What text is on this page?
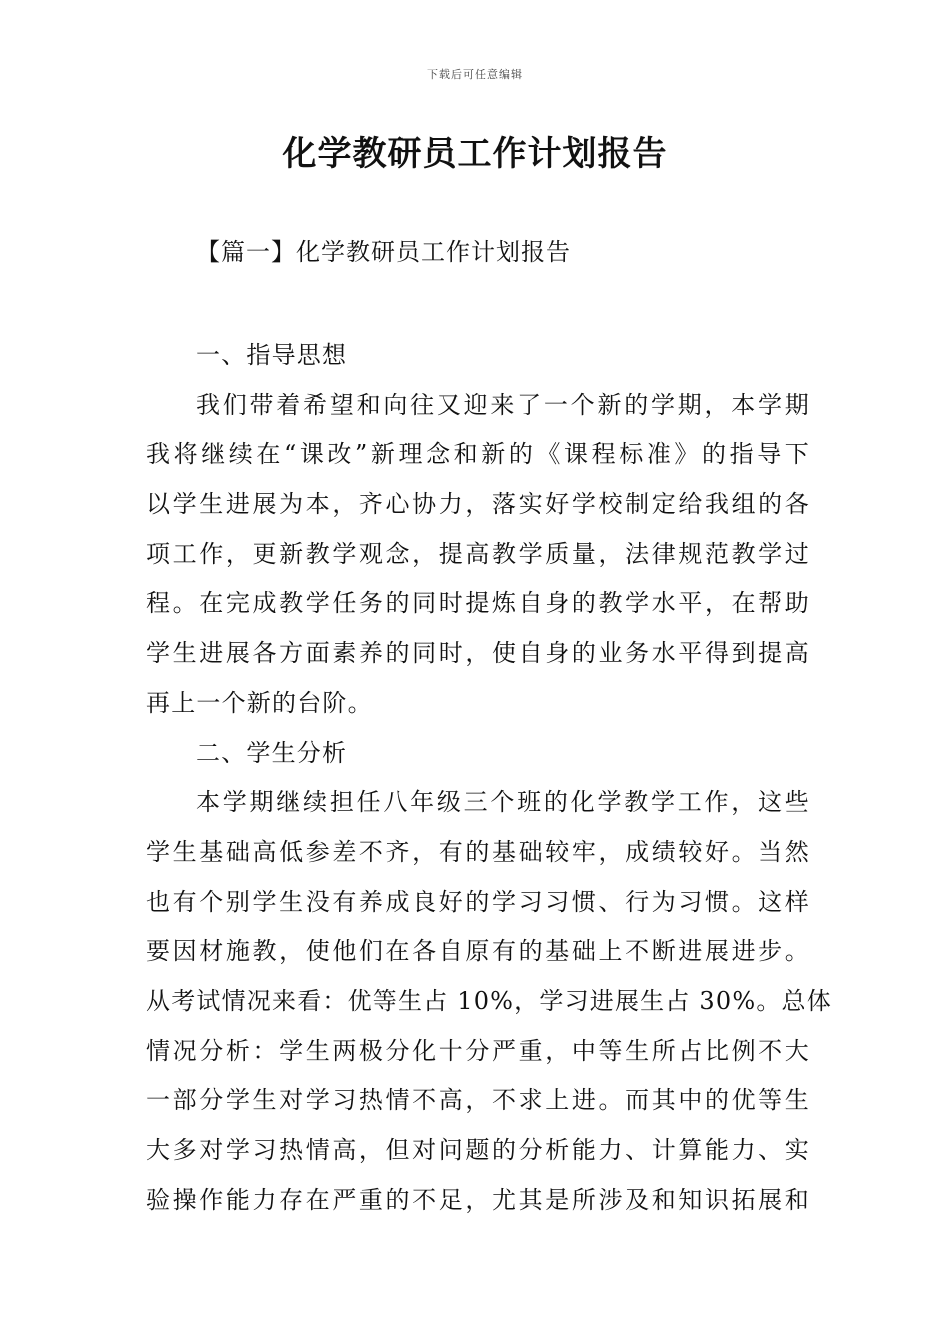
下载后可任意编辑
化学教研员工作计划报告
【篇一】化学教研员工作计划报告
一、指导思想
我们带着希望和向往又迎来了一个新的学期，本学期
我将继续在“课改”新理念和新的《课程标准》的指导下
以学生进展为本，齐心协力，落实好学校制定给我组的各
项工作，更新教学观念，提高教学质量，法律规范教学过
程。在完成教学任务的同时提炼自身的教学水平，在帮助
学生进展各方面素养的同时，使自身的业务水平得到提高
再上一个新的台阶。
二、学生分析
本学期继续担任八年级三个班的化学教学工作，这些
学生基础高低参差不齐，有的基础较牢，成绩较好。当然
也有个别学生没有养成良好的学习习惯、行为习惯。这样
要因材施教，使他们在各自原有的基础上不断进展进步。
从考试情况来看：优等生占 10%，学习进展生占 30%。总体
情况分析：学生两极分化十分严重，中等生所占比例不大
一部分学生对学习热情不高，不求上进。而其中的优等生
大多对学习热情高，但对问题的分析能力、计算能力、实
验操作能力存在严重的不足，尤其是所涉及和知识拓展和
